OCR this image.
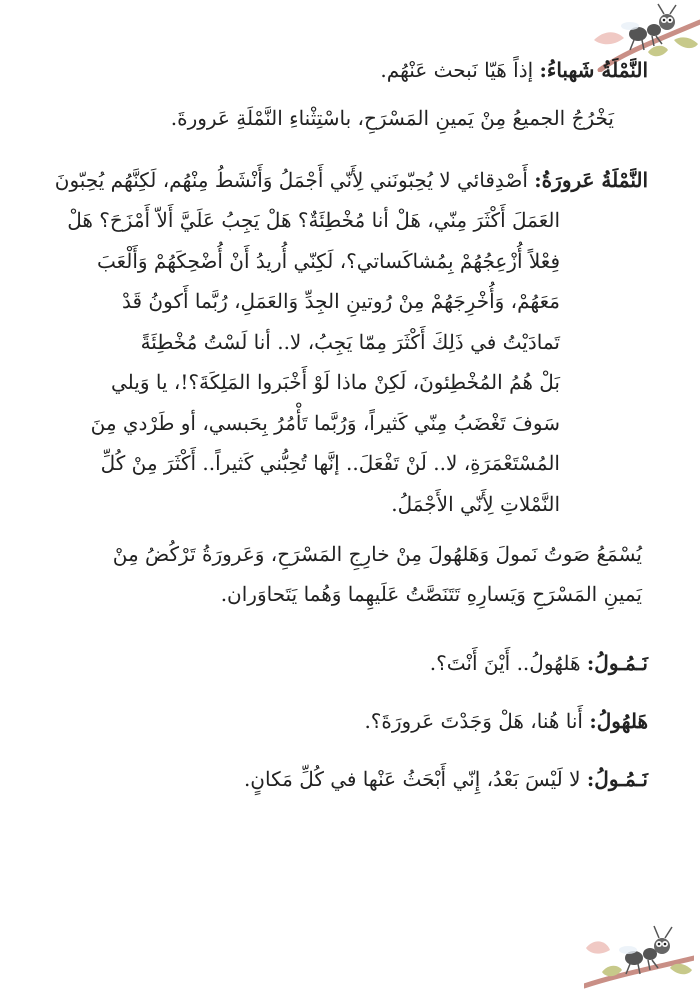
النَّمْلَةُ شَهباءُ: إذاً هَيّا نَبحث عَنْهُم.

يَخْرُجُ الجميعُ مِنْ يَمينِ المَسْرَحِ، باسْتِثْناءِ النَّمْلَةِ عَرورةَ.

النَّمْلَةُ عَرورَةُ: أَصْدِقائي لا يُحِبّونَني لِأَنّي أَجْمَلُ وَأَنْشَطُ مِنْهُم، لَكِنَّهُم يُحِبّونَ

العَمَلَ أَكْثَرَ مِنّي، هَلْ أنا مُخْطِئَةٌ؟ هَلْ يَجِبُ عَلَيَّ أَلاّ أَمْزَحَ؟ هَلْ

فِعْلاً أُزْعِجُهُمْ بِمُشاكَساتي؟، لَكِنّي أُريدُ أَنْ أُضْحِكَهُمْ وَأَلْعَبَ

مَعَهُمْ، وَأُخْرِجَهُمْ مِنْ رُوتينِ الجِدِّ وَالعَمَلِ، رُبَّما أَكونُ قَدْ

تَمادَيْتُ في ذَلِكَ أَكْثَرَ مِمّا يَجِبُ، لا.. أنا لَسْتُ مُخْطِئَةً

بَلْ هُمُ المُخْطِئونَ، لَكِنْ ماذا لَوْ أَخْبَروا المَلِكَةَ؟!، يا وَيلي

سَوفَ تَغْضَبُ مِنّي كَثيراً، وَرُبَّما تَأْمُرُ بِحَبسي، أو طَرْدي مِنَ

المُسْتَعْمَرَةِ، لا.. لَنْ تَفْعَلَ.. إنَّها تُحِبُّني كَثيراً.. أَكْثَرَ مِنْ كُلِّ

النَّمْلاتِ لِأَنّي الأَجْمَلُ.

يُسْمَعُ صَوتُ نَمولَ وَهَلهُولَ مِنْ خارِجِ المَسْرَحِ، وَعَرورَةُ تَرْكُضُ مِنْ

يَمينِ المَسْرَحِ وَيَسارِهِ تَتَنَصَّتُ عَلَيهِما وَهُما يَتَحاوَران.

نَـمُـولُ: هَلهُولُ.. أَيْنَ أَنْتَ؟.

هَلهُولُ: أَنا هُنا، هَلْ وَجَدْتَ عَرورَةَ؟.

نَـمُـولُ: لا لَيْسَ بَعْدُ، إِنّي أَبْحَثُ عَنْها في كُلِّ مَكانٍ.
